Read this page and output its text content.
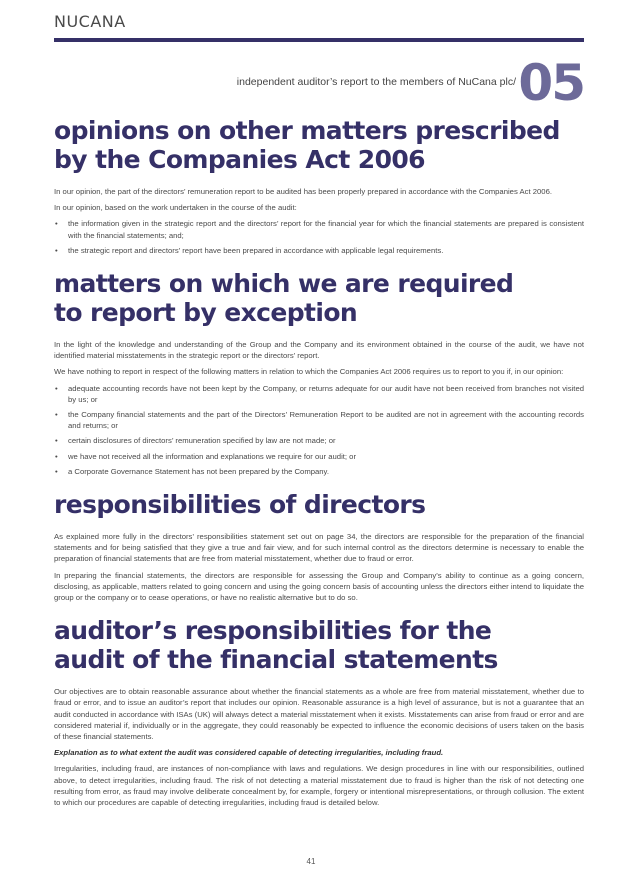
NUCANA
independent auditor’s report to the members of NuCana plc/ 05
opinions on other matters prescribed
by the Companies Act 2006

In our opinion, the part of the directors’ remuneration report to be audited has been properly prepared in accordance with the Companies Act 2006.

In our opinion, based on the work undertaken in the course of the audit:

• the information given in the strategic report and the directors’ report for the financial year for which the financial statements are prepared is consistent with the financial statements; and;
• the strategic report and directors’ report have been prepared in accordance with applicable legal requirements.
matters on which we are required
to report by exception

In the light of the knowledge and understanding of the Group and the Company and its environment obtained in the course of the audit, we have not identified material misstatements in the strategic report or the directors’ report.

We have nothing to report in respect of the following matters in relation to which the Companies Act 2006 requires us to report to you if, in our opinion:

• adequate accounting records have not been kept by the Company, or returns adequate for our audit have not been received from branches not visited by us; or
• the Company financial statements and the part of the Directors’ Remuneration Report to be audited are not in agreement with the accounting records and returns; or
• certain disclosures of directors’ remuneration specified by law are not made; or
• we have not received all the information and explanations we require for our audit; or
• a Corporate Governance Statement has not been prepared by the Company.
responsibilities of directors

As explained more fully in the directors’ responsibilities statement set out on page 34, the directors are responsible for the preparation of the financial statements and for being satisfied that they give a true and fair view, and for such internal control as the directors determine is necessary to enable the preparation of financial statements that are free from material misstatement, whether due to fraud or error.

In preparing the financial statements, the directors are responsible for assessing the Group and Company’s ability to continue as a going concern, disclosing, as applicable, matters related to going concern and using the going concern basis of accounting unless the directors either intend to liquidate the group or the company or to cease operations, or have no realistic alternative but to do so.

auditor’s responsibilities for the
audit of the financial statements

Our objectives are to obtain reasonable assurance about whether the financial statements as a whole are free from material misstatement, whether due to fraud or error, and to issue an auditor’s report that includes our opinion. Reasonable assurance is a high level of assurance, but is not a guarantee that an audit conducted in accordance with ISAs (UK) will always detect a material misstatement when it exists. Misstatements can arise from fraud or error and are considered material if, individually or in the aggregate, they could reasonably be expected to influence the economic decisions of users taken on the basis of these financial statements.

Explanation as to what extent the audit was considered capable of detecting irregularities, including fraud.

Irregularities, including fraud, are instances of non-compliance with laws and regulations. We design procedures in line with our responsibilities, outlined above, to detect irregularities, including fraud. The risk of not detecting a material misstatement due to fraud is higher than the risk of not detecting one resulting from error, as fraud may involve deliberate concealment by, for example, forgery or intentional misrepresentations, or through collusion. The extent to which our procedures are capable of detecting irregularities, including fraud is detailed below.

41
